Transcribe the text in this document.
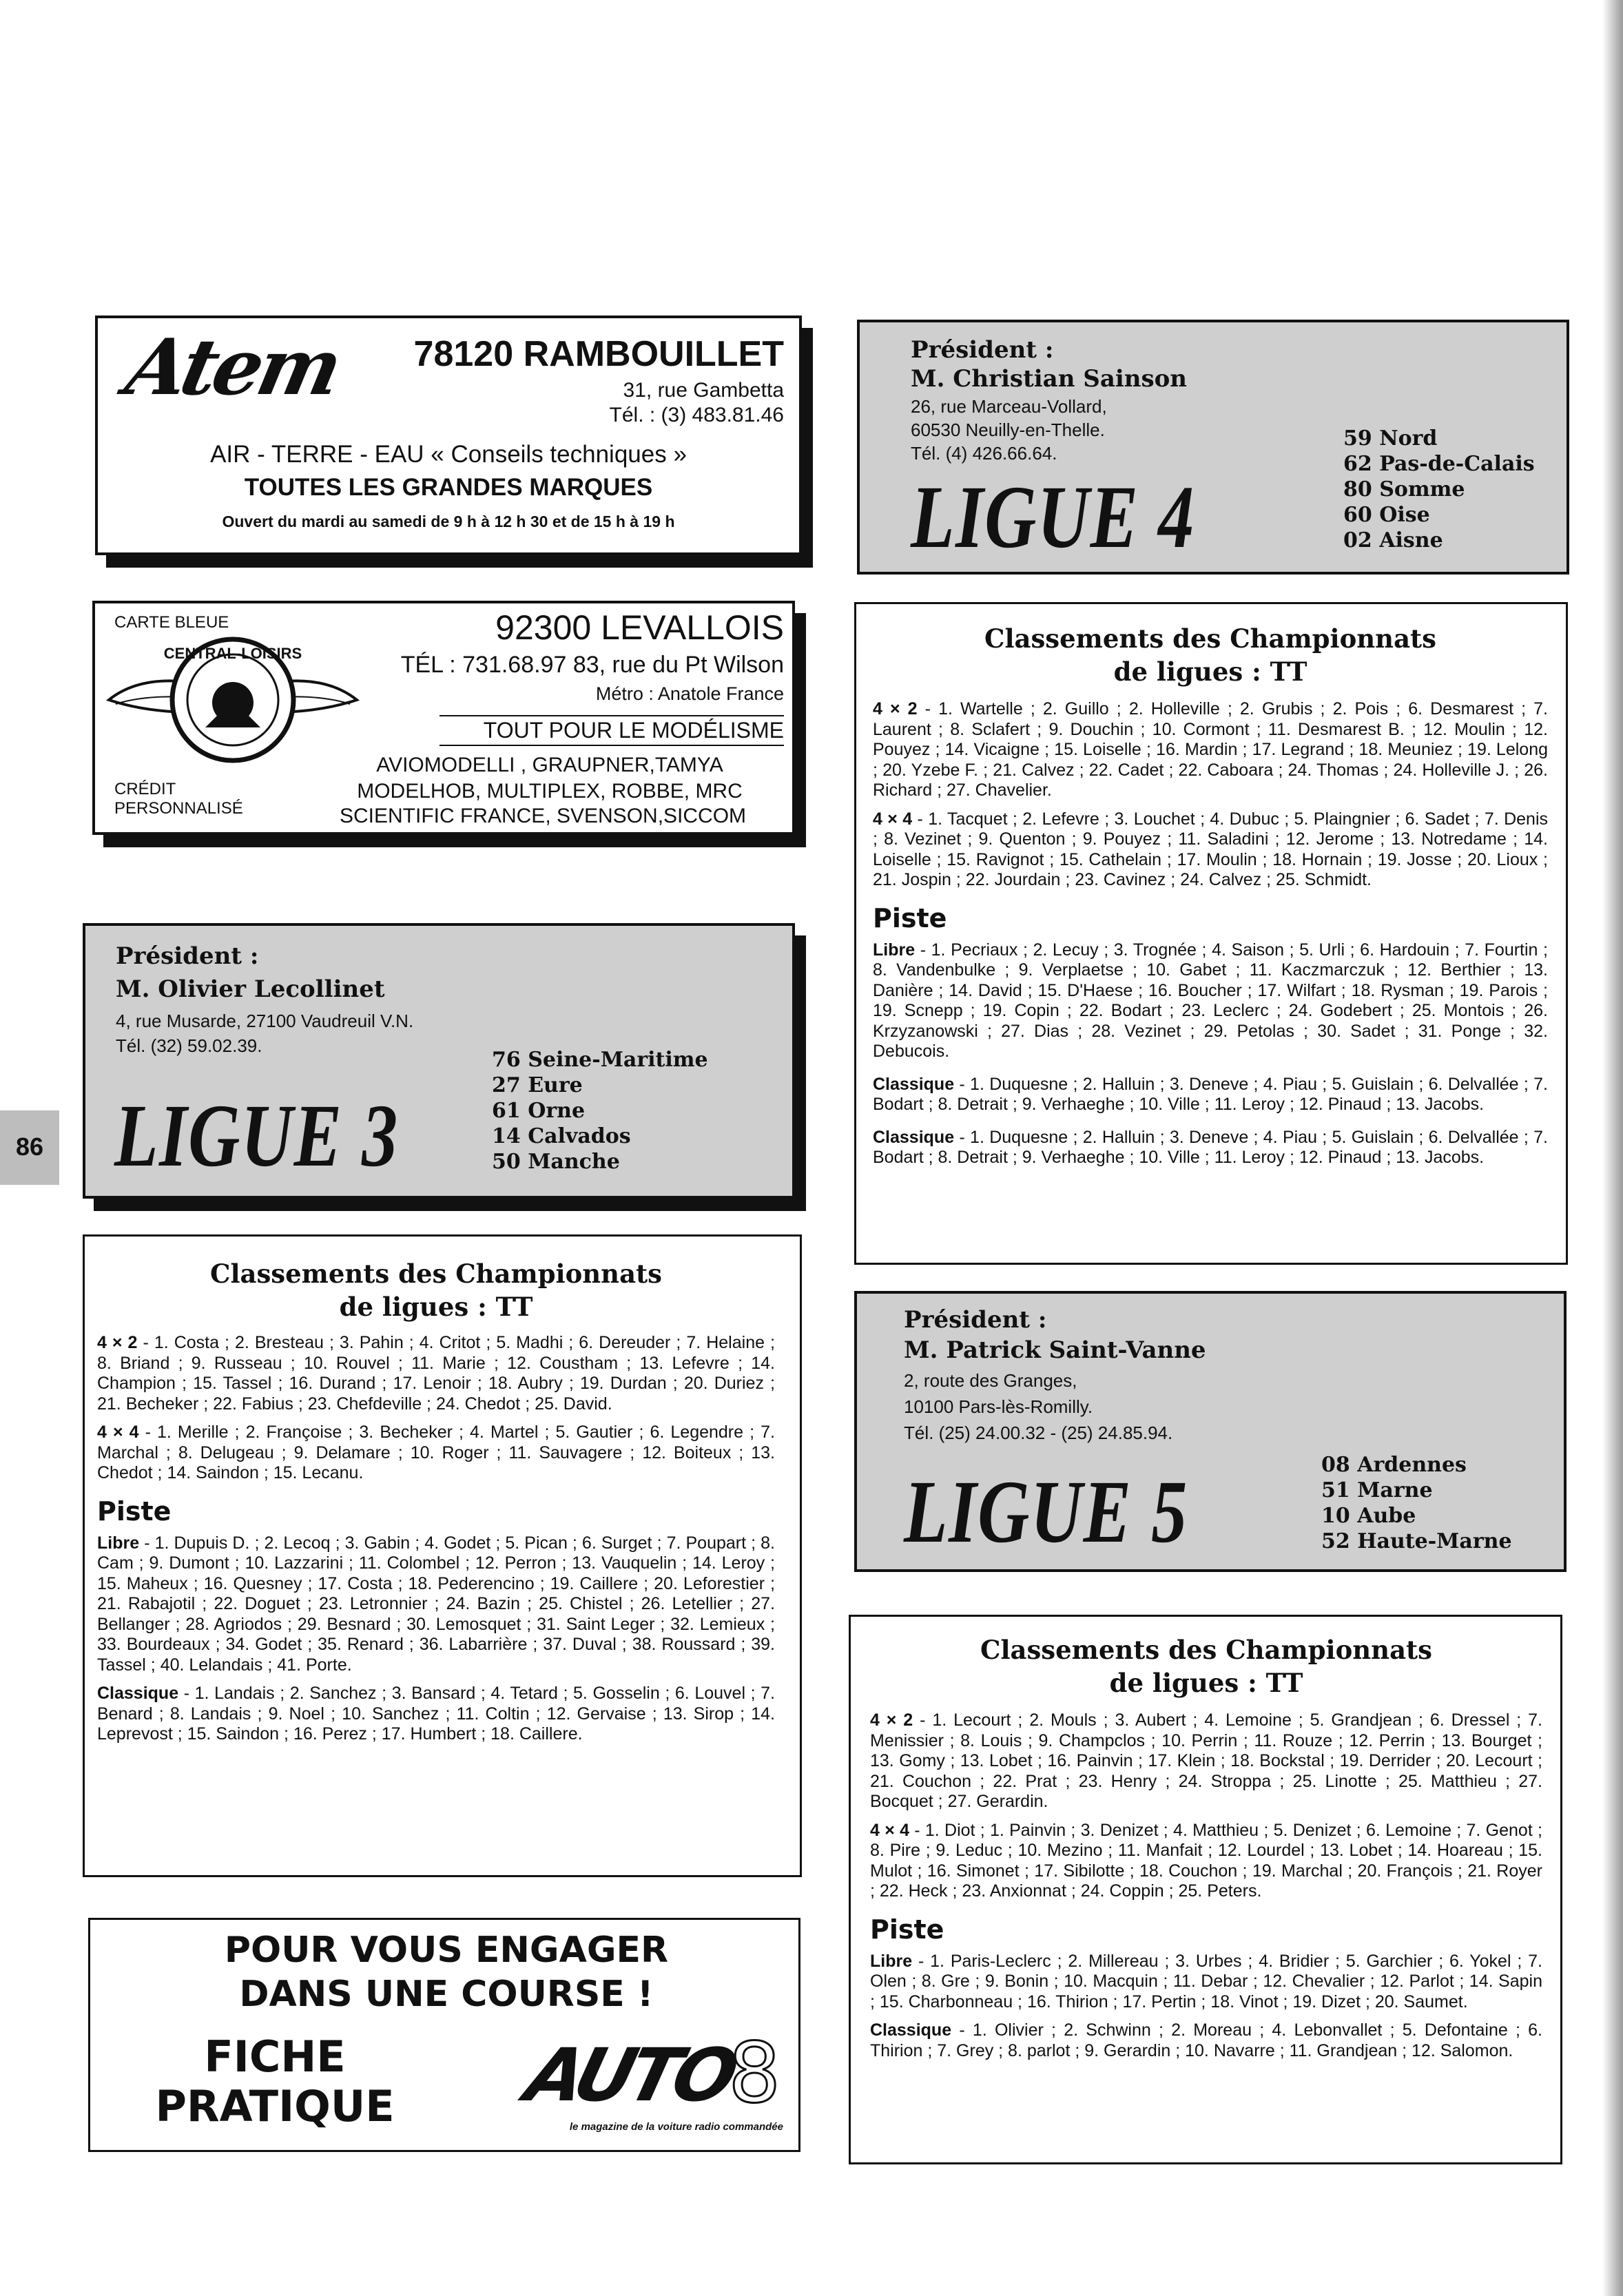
86
Atem	78120 RAMBOUILLET
31, rue Gambetta
Tél. : (3) 483.81.46
AIR - TERRE - EAU « Conseils techniques »
TOUTES LES GRANDES MARQUES
Ouvert du mardi au samedi de 9 h à 12 h 30 et de 15 h à 19 h
CARTE BLEUE	92300 LEVALLOIS
TÉL : 731.68.97 83, rue du Pt Wilson
Métro : Anatole France
TOUT POUR LE MODÉLISME
CENTRAL-LOISIRS
CRÉDIT
PERSONNALISÉ
AVIOMODELLI , GRAUPNER,TAMYA
MODELHOB, MULTIPLEX, ROBBE, MRC
SCIENTIFIC FRANCE, SVENSON,SICCOM
Président :
M. Olivier Lecollinet
4, rue Musarde, 27100 Vaudreuil V.N.
Tél. (32) 59.02.39.
LIGUE 3
76 Seine-Maritime
27 Eure
61 Orne
14 Calvados
50 Manche
Classements des Championnats
de ligues : TT

4 × 2 - 1. Costa ; 2. Bresteau ; 3. Pahin ; 4. Critot ; 5. Madhi ; 6. Dereuder ; 7. Helaine ; 8. Briand ; 9. Russeau ; 10. Rouvel ; 11. Marie ; 12. Coustham ; 13. Lefevre ; 14. Champion ; 15. Tassel ; 16. Durand ; 17. Lenoir ; 18. Aubry ; 19. Durdan ; 20. Duriez ; 21. Becheker ; 22. Fabius ; 23. Chefdeville ; 24. Chedot ; 25. David.

4 × 4 - 1. Merille ; 2. Françoise ; 3. Becheker ; 4. Martel ; 5. Gautier ; 6. Legendre ; 7. Marchal ; 8. Delugeau ; 9. Delamare ; 10. Roger ; 11. Sauvagere ; 12. Boiteux ; 13. Chedot ; 14. Saindon ; 15. Lecanu.

Piste

Libre - 1. Dupuis D. ; 2. Lecoq ; 3. Gabin ; 4. Godet ; 5. Pican ; 6. Surget ; 7. Poupart ; 8. Cam ; 9. Dumont ; 10. Lazzarini ; 11. Colombel ; 12. Perron ; 13. Vauquelin ; 14. Leroy ; 15. Maheux ; 16. Quesney ; 17. Costa ; 18. Pederencino ; 19. Caillere ; 20. Leforestier ; 21. Rabajotil ; 22. Doguet ; 23. Letronnier ; 24. Bazin ; 25. Chistel ; 26. Letellier ; 27. Bellanger ; 28. Agriodos ; 29. Besnard ; 30. Lemosquet ; 31. Saint Leger ; 32. Lemieux ; 33. Bourdeaux ; 34. Godet ; 35. Renard ; 36. Labarrière ; 37. Duval ; 38. Roussard ; 39. Tassel ; 40. Lelandais ; 41. Porte.

Classique - 1. Landais ; 2. Sanchez ; 3. Bansard ; 4. Tetard ; 5. Gosselin ; 6. Louvel ; 7. Benard ; 8. Landais ; 9. Noel ; 10. Sanchez ; 11. Coltin ; 12. Gervaise ; 13. Sirop ; 14. Leprevost ; 15. Saindon ; 16. Perez ; 17. Humbert ; 18. Caillere.

POUR VOUS ENGAGER
DANS UNE COURSE !
FICHE
PRATIQUE	AUTO
8
le magazine de la voiture radio commandée
Président :
M. Christian Sainson
26, rue Marceau-Vollard,
60530 Neuilly-en-Thelle.
Tél. (4) 426.66.64.
LIGUE 4
59 Nord
62 Pas-de-Calais
80 Somme
60 Oise
02 Aisne
Classements des Championnats
de ligues : TT

4 × 2 - 1. Wartelle ; 2. Guillo ; 2. Holleville ; 2. Grubis ; 2. Pois ; 6. Desmarest ; 7. Laurent ; 8. Sclafert ; 9. Douchin ; 10. Cormont ; 11. Desmarest B. ; 12. Moulin ; 12. Pouyez ; 14. Vicaigne ; 15. Loiselle ; 16. Mardin ; 17. Legrand ; 18. Meuniez ; 19. Lelong ; 20. Yzebe F. ; 21. Calvez ; 22. Cadet ; 22. Caboara ; 24. Thomas ; 24. Holleville J. ; 26. Richard ; 27. Chavelier.

4 × 4 - 1. Tacquet ; 2. Lefevre ; 3. Louchet ; 4. Dubuc ; 5. Plaingnier ; 6. Sadet ; 7. Denis ; 8. Vezinet ; 9. Quenton ; 9. Pouyez ; 11. Saladini ; 12. Jerome ; 13. Notredame ; 14. Loiselle ; 15. Ravignot ; 15. Cathelain ; 17. Moulin ; 18. Hornain ; 19. Josse ; 20. Lioux ; 21. Jospin ; 22. Jourdain ; 23. Cavinez ; 24. Calvez ; 25. Schmidt.

Piste

Libre - 1. Pecriaux ; 2. Lecuy ; 3. Trognée ; 4. Saison ; 5. Urli ; 6. Hardouin ; 7. Fourtin ; 8. Vandenbulke ; 9. Verplaetse ; 10. Gabet ; 11. Kaczmarczuk ; 12. Berthier ; 13. Danière ; 14. David ; 15. D'Haese ; 16. Boucher ; 17. Wilfart ; 18. Rysman ; 19. Parois ; 19. Scnepp ; 19. Copin ; 22. Bodart ; 23. Leclerc ; 24. Godebert ; 25. Montois ; 26. Krzyzanowski ; 27. Dias ; 28. Vezinet ; 29. Petolas ; 30. Sadet ; 31. Ponge ; 32. Debucois.

Classique - 1. Duquesne ; 2. Halluin ; 3. Deneve ; 4. Piau ; 5. Guislain ; 6. Delvallée ; 7. Bodart ; 8. Detrait ; 9. Verhaeghe ; 10. Ville ; 11. Leroy ; 12. Pinaud ; 13. Jacobs.

Classique - 1. Duquesne ; 2. Halluin ; 3. Deneve ; 4. Piau ; 5. Guislain ; 6. Delvallée ; 7. Bodart ; 8. Detrait ; 9. Verhaeghe ; 10. Ville ; 11. Leroy ; 12. Pinaud ; 13. Jacobs.

Président :
M. Patrick Saint-Vanne
2, route des Granges,
10100 Pars-lès-Romilly.
Tél. (25) 24.00.32 - (25) 24.85.94.
LIGUE 5	08 Ardennes
51 Marne
10 Aube
52 Haute-Marne
Classements des Championnats
de ligues : TT

4 × 2 - 1. Lecourt ; 2. Mouls ; 3. Aubert ; 4. Lemoine ; 5. Grandjean ; 6. Dressel ; 7. Menissier ; 8. Louis ; 9. Champclos ; 10. Perrin ; 11. Rouze ; 12. Perrin ; 13. Bourget ; 13. Gomy ; 13. Lobet ; 16. Painvin ; 17. Klein ; 18. Bockstal ; 19. Derrider ; 20. Lecourt ; 21. Couchon ; 22. Prat ; 23. Henry ; 24. Stroppa ; 25. Linotte ; 25. Matthieu ; 27. Bocquet ; 27. Gerardin.

4 × 4 - 1. Diot ; 1. Painvin ; 3. Denizet ; 4. Matthieu ; 5. Denizet ; 6. Lemoine ; 7. Genot ; 8. Pire ; 9. Leduc ; 10. Mezino ; 11. Manfait ; 12. Lourdel ; 13. Lobet ; 14. Hoareau ; 15. Mulot ; 16. Simonet ; 17. Sibilotte ; 18. Couchon ; 19. Marchal ; 20. François ; 21. Royer ; 22. Heck ; 23. Anxionnat ; 24. Coppin ; 25. Peters.

Piste

Libre - 1. Paris-Leclerc ; 2. Millereau ; 3. Urbes ; 4. Bridier ; 5. Garchier ; 6. Yokel ; 7. Olen ; 8. Gre ; 9. Bonin ; 10. Macquin ; 11. Debar ; 12. Chevalier ; 12. Parlot ; 14. Sapin ; 15. Charbonneau ; 16. Thirion ; 17. Pertin ; 18. Vinot ; 19. Dizet ; 20. Saumet.

Classique - 1. Olivier ; 2. Schwinn ; 2. Moreau ; 4. Lebonvallet ; 5. Defontaine ; 6. Thirion ; 7. Grey ; 8. parlot ; 9. Gerardin ; 10. Navarre ; 11. Grandjean ; 12. Salomon.
